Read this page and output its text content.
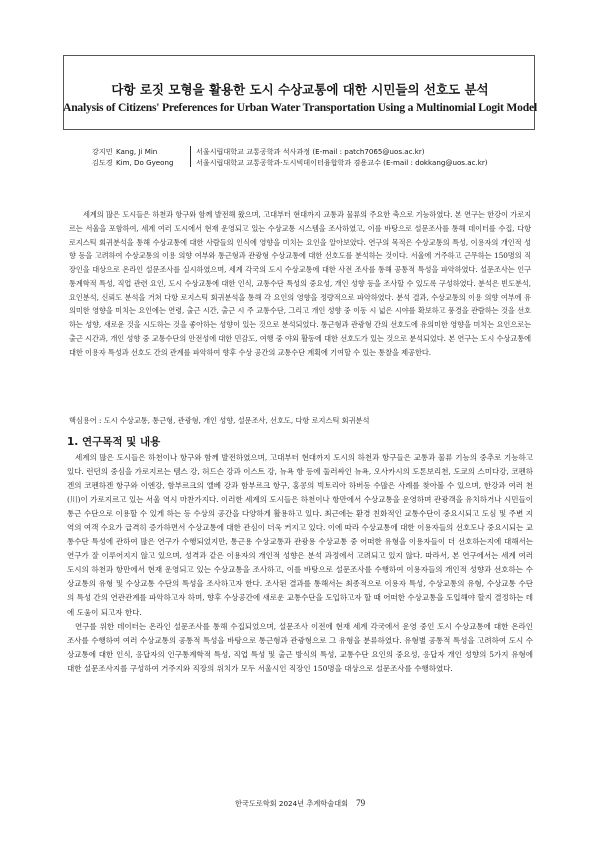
다항 로짓 모형을 활용한 도시 수상교통에 대한 시민들의 선호도 분석
Analysis of Citizens' Preferences for Urban Water Transportation Using a Multinomial Logit Model
강지민 Kang, Ji Min	서울시립대학교 교통공학과 석사과정 (E-mail : patch7065@uos.ac.kr)
김도경 Kim, Do Gyeong	서울시립대학교 교통공학과·도시빅데이터융합학과 겸용교수 (E-mail : dokkang@uos.ac.kr)

세계의 많은 도시들은 하천과 항구와 함께 발전해 왔으며, 고대부터 현대까지 교통과 물류의 주요한 축으로 기능하였다. 본 연구는 한강이 가로지르는 서울을 포함하여, 세계 여러 도시에서 현재 운영되고 있는 수상교통 시스템을 조사하였고, 이를 바탕으로 설문조사를 통해 데이터를 수집, 다항 로지스틱 회귀분석을 통해 수상교통에 대한 사람들의 인식에 영향을 미치는 요인을 알아보았다. 연구의 목적은 수상교통의 특성, 이용자의 개인적 성향 등을 고려하여 수상교통의 이용 의향 여부와 통근형과 관광형 수상교통에 대한 선호도를 분석하는 것이다. 서울에 거주하고 근무하는 150명의 직장인을 대상으로 온라인 설문조사를 실시하였으며, 세계 각국의 도시 수상교통에 대한 사전 조사를 통해 공통적 특성을 파악하였다. 설문조사는 인구통계학적 특성, 직업 관련 요인, 도시 수상교통에 대한 인식, 교통수단 특성의 중요성, 개인 성향 등을 조사할 수 있도록 구성하였다. 분석은 빈도분석, 요인분석, 신뢰도 분석을 거쳐 다항 로지스틱 회귀분석을 통해 각 요인의 영향을 정량적으로 파악하였다. 분석 결과, 수상교통의 이용 의향 여부에 유의미한 영향을 미치는 요인에는 연령, 출근 시간, 출근 시 주 교통수단, 그리고 개인 성향 중 이동 시 넓은 시야를 확보하고 풍경을 관람하는 것을 선호하는 성향, 새로운 것을 시도하는 것을 좋아하는 성향이 있는 것으로 분석되었다. 통근형과 관광형 간의 선호도에 유의미한 영향을 미치는 요인으로는 출근 시간과, 개인 성향 중 교통수단의 안전성에 대한 민감도, 여행 중 야외 활동에 대한 선호도가 있는 것으로 분석되었다. 본 연구는 도시 수상교통에 대한 이용자 특성과 선호도 간의 관계를 파악하여 향후 수상 공간의 교통수단 계획에 기여할 수 있는 통찰을 제공한다.

핵심용어 : 도시 수상교통, 통근형, 관광형, 개인 성향, 설문조사, 선호도, 다항 로지스틱 회귀분석

1. 연구목적 및 내용

세계의 많은 도시들은 하천이나 항구와 함께 발전하였으며, 고대부터 현대까지 도시의 하천과 항구들은 교통과 물류 기능의 중추로 기능하고 있다. 런던의 중심을 가로지르는 템스 강, 허드슨 강과 이스트 강, 뉴욕 항 등에 둘러싸인 뉴욕, 오사카시의 도톤보리천, 도쿄의 스미다강, 코펜하겐의 코펜하겐 항구와 이엔강, 함부르크의 엘베 강과 함부르크 항구, 홍콩의 빅토리아 하버등 수많은 사례를 찾아볼 수 있으며, 한강과 여러 천(川)이 가로지르고 있는 서울 역시 마찬가지다. 이러한 세계의 도시들은 하천이나 항만에서 수상교통을 운영하며 관광객을 유치하거나 시민들이 통근 수단으로 이용할 수 있게 하는 등 수상의 공간을 다양하게 활용하고 있다. 최근에는 환경 친화적인 교통수단이 중요시되고 도심 및 주변 지역의 여객 수요가 급격히 증가하면서 수상교통에 대한 관심이 더욱 커지고 있다. 이에 따라 수상교통에 대한 이용자들의 선호도나 중요시되는 교통수단 특성에 관하여 많은 연구가 수행되었지만, 통근용 수상교통과 관광용 수상교통 중 어떠한 유형을 이용자들이 더 선호하는지에 대해서는 연구가 잘 이루어지지 않고 있으며, 성격과 같은 이용자의 개인적 성향은 분석 과정에서 고려되고 있지 않다. 따라서, 본 연구에서는 세계 여러 도시의 하천과 항만에서 현재 운영되고 있는 수상교통을 조사하고, 이를 바탕으로 설문조사를 수행하여 이용자들의 개인적 성향과 선호하는 수상교통의 유형 및 수상교통 수단의 특성을 조사하고자 한다. 조사된 결과를 통해서는 최종적으로 이용자 특성, 수상교통의 유형, 수상교통 수단의 특성 간의 연관관계를 파악하고자 하며, 향후 수상공간에 새로운 교통수단을 도입하고자 할 때 어떠한 수상교통을 도입해야 할지 결정하는 데에 도움이 되고자 한다.

연구를 위한 데이터는 온라인 설문조사를 통해 수집되었으며, 설문조사 이전에 현재 세계 각국에서 운영 중인 도시 수상교통에 대한 온라인 조사를 수행하여 여러 수상교통의 공통적 특성을 바탕으로 통근형과 관광형으로 그 유형을 분류하였다. 유형별 공통적 특성을 고려하여 도시 수상교통에 대한 인식, 응답자의 인구통계학적 특성, 직업 특성 및 출근 방식의 특성, 교통수단 요인의 중요성, 응답자 개인 성향의 5가지 유형에 대한 설문조사지를 구성하여 거주지와 직장의 위치가 모두 서울시인 직장인 150명을 대상으로 설문조사를 수행하였다.

한국도로학회 2024년 추계학술대회 79
